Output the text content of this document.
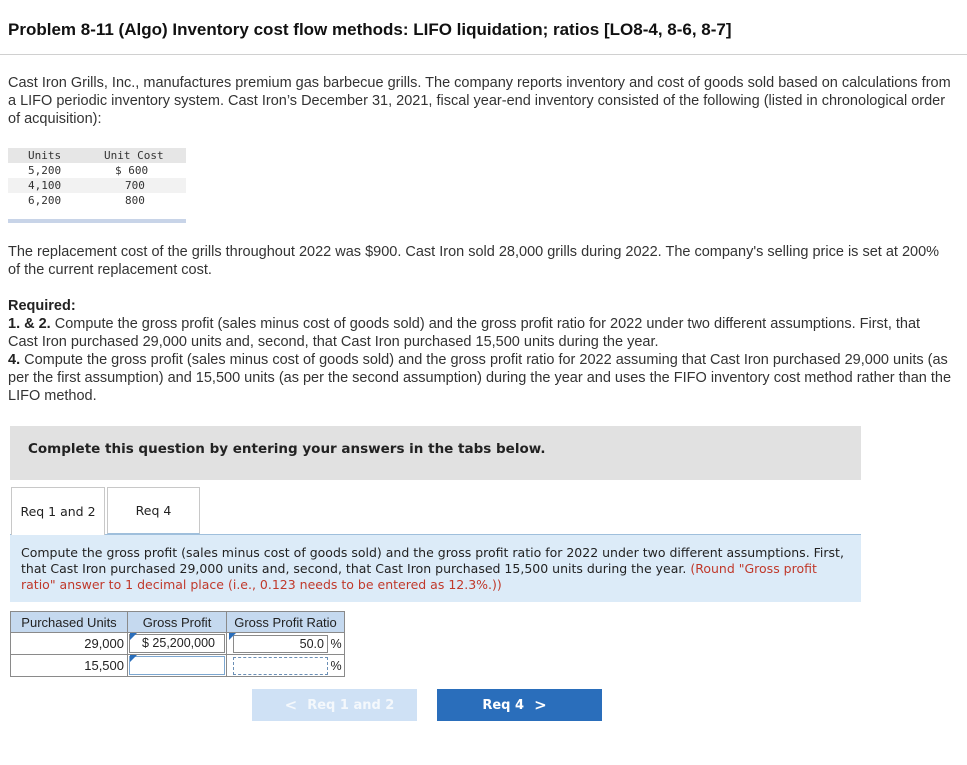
Problem 8-11 (Algo) Inventory cost flow methods: LIFO liquidation; ratios [LO8-4, 8-6, 8-7]
Cast Iron Grills, Inc., manufactures premium gas barbecue grills. The company reports inventory and cost of goods sold based on calculations from a LIFO periodic inventory system. Cast Iron’s December 31, 2021, fiscal year-end inventory consisted of the following (listed in chronological order of acquisition):
Units	Unit Cost
5,200	$ 600
4,100	700
6,200	800
The replacement cost of the grills throughout 2022 was $900. Cast Iron sold 28,000 grills during 2022. The company's selling price is set at 200% of the current replacement cost.
Required:
1. & 2. Compute the gross profit (sales minus cost of goods sold) and the gross profit ratio for 2022 under two different assumptions. First, that Cast Iron purchased 29,000 units and, second, that Cast Iron purchased 15,500 units during the year.
4. Compute the gross profit (sales minus cost of goods sold) and the gross profit ratio for 2022 assuming that Cast Iron purchased 29,000 units (as per the first assumption) and 15,500 units (as per the second assumption) during the year and uses the FIFO inventory cost method rather than the LIFO method.
Complete this question by entering your answers in the tabs below.
Req 1 and 2	Req 4
Compute the gross profit (sales minus cost of goods sold) and the gross profit ratio for 2022 under two different assumptions. First, that Cast Iron purchased 29,000 units and, second, that Cast Iron purchased 15,500 units during the year. (Round "Gross profit ratio" answer to 1 decimal place (i.e., 0.123 needs to be entered as 12.3%.))
Purchased Units	Gross Profit	Gross Profit Ratio
29,000	$ 25,200,000	50.0 %

15,500		%
< Req 1 and 2	Req 4 >
